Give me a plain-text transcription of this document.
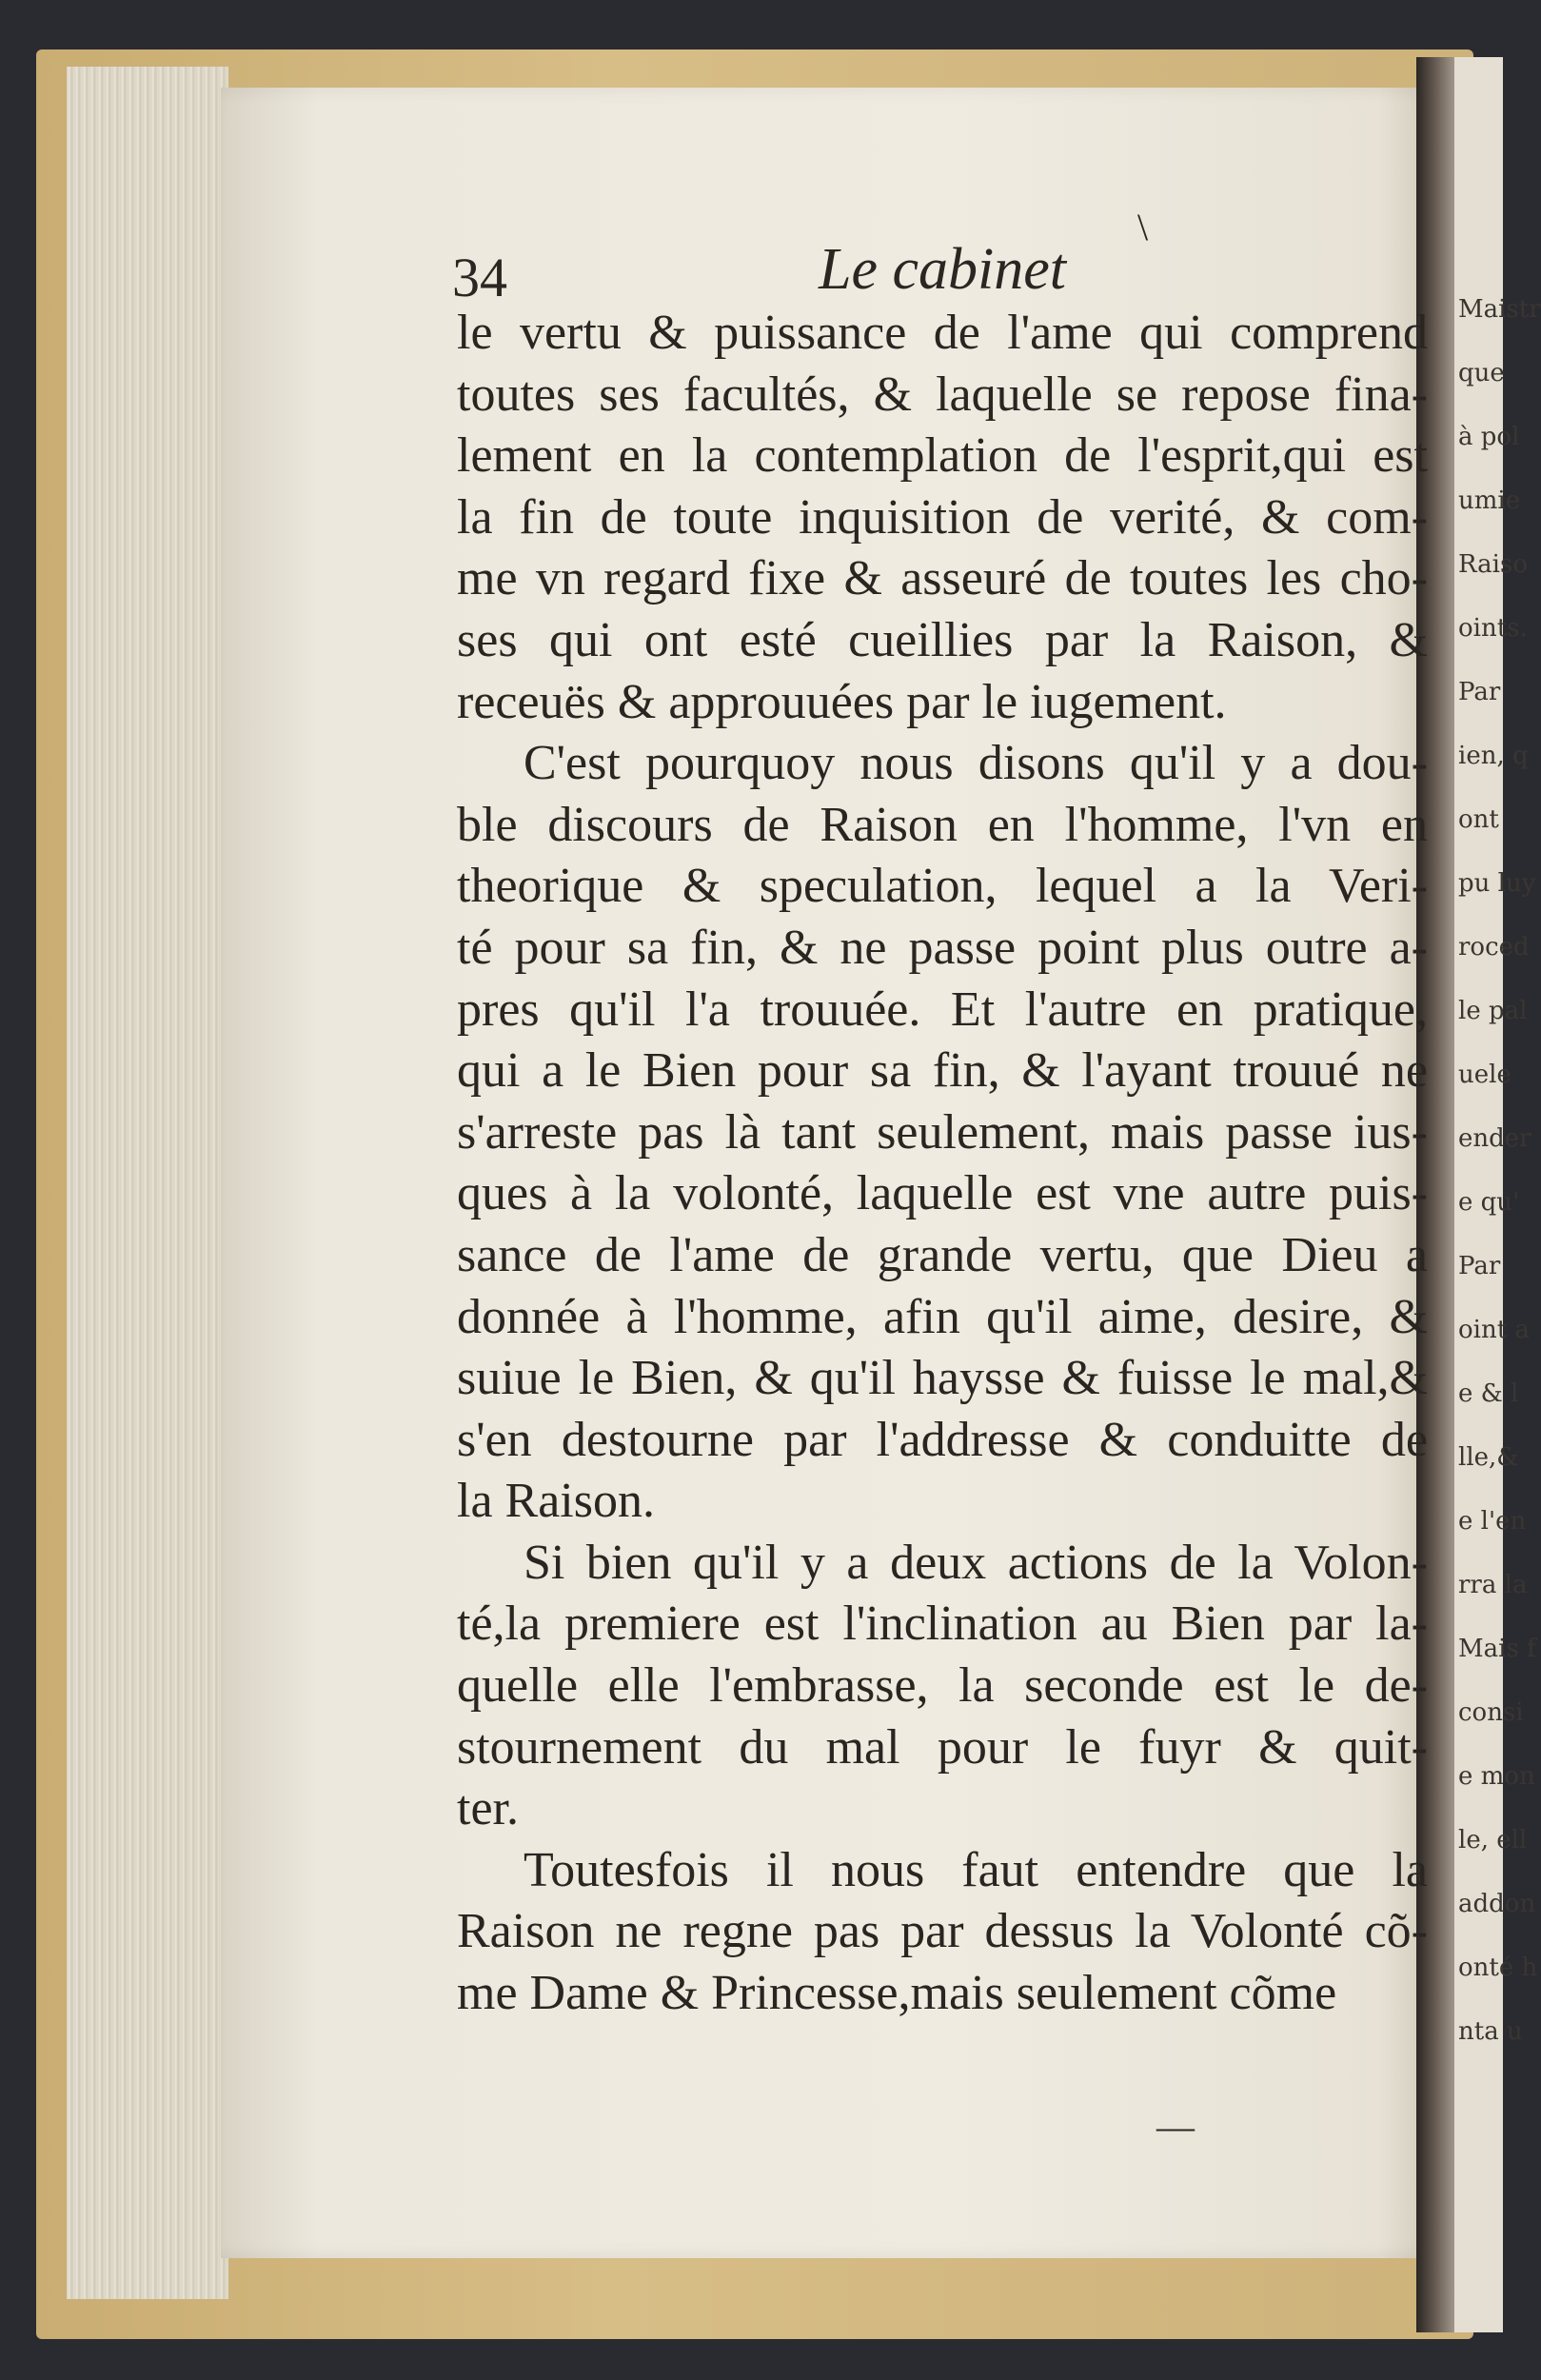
Maistr
que
à pol
umie
Raiso
oints.
Par
ien, q
ont
pu luy
roced
le pal
uele
ender
e qu'
Par
oint a
e & l
lle,&
e l'en
rra la
Mais f
consi
e mon
le, ell
addon
onté h
nta u
34	Le cabinet
\
le vertu & puissance de l'ame qui comprend
toutes ses facultés, & laquelle se repose fina-
lement en la contemplation de l'esprit,qui est
la fin de toute inquisition de verité, & com-
me vn regard fixe & asseuré de toutes les cho-
ses qui ont esté cueillies par la Raison, &
receuës & approuuées par le iugement.
C'est pourquoy nous disons qu'il y a dou-
ble discours de Raison en l'homme, l'vn en
theorique & speculation, lequel a la Veri-
té pour sa fin, & ne passe point plus outre a-
pres qu'il l'a trouuée. Et l'autre en pratique,
qui a le Bien pour sa fin, & l'ayant trouué ne
s'arreste pas là tant seulement, mais passe ius-
ques à la volonté, laquelle est vne autre puis-
sance de l'ame de grande vertu, que Dieu a
donnée à l'homme, afin qu'il aime, desire, &
suiue le Bien, & qu'il haysse & fuisse le mal,&
s'en destourne par l'addresse & conduitte de
la Raison.
Si bien qu'il y a deux actions de la Volon-
té,la premiere est l'inclination au Bien par la-
quelle elle l'embrasse, la seconde est le de-
stournement du mal pour le fuyr & quit-
ter.
Toutesfois il nous faut entendre que la
Raison ne regne pas par dessus la Volonté cõ-
me Dame & Princesse,mais seulement cõme
—
